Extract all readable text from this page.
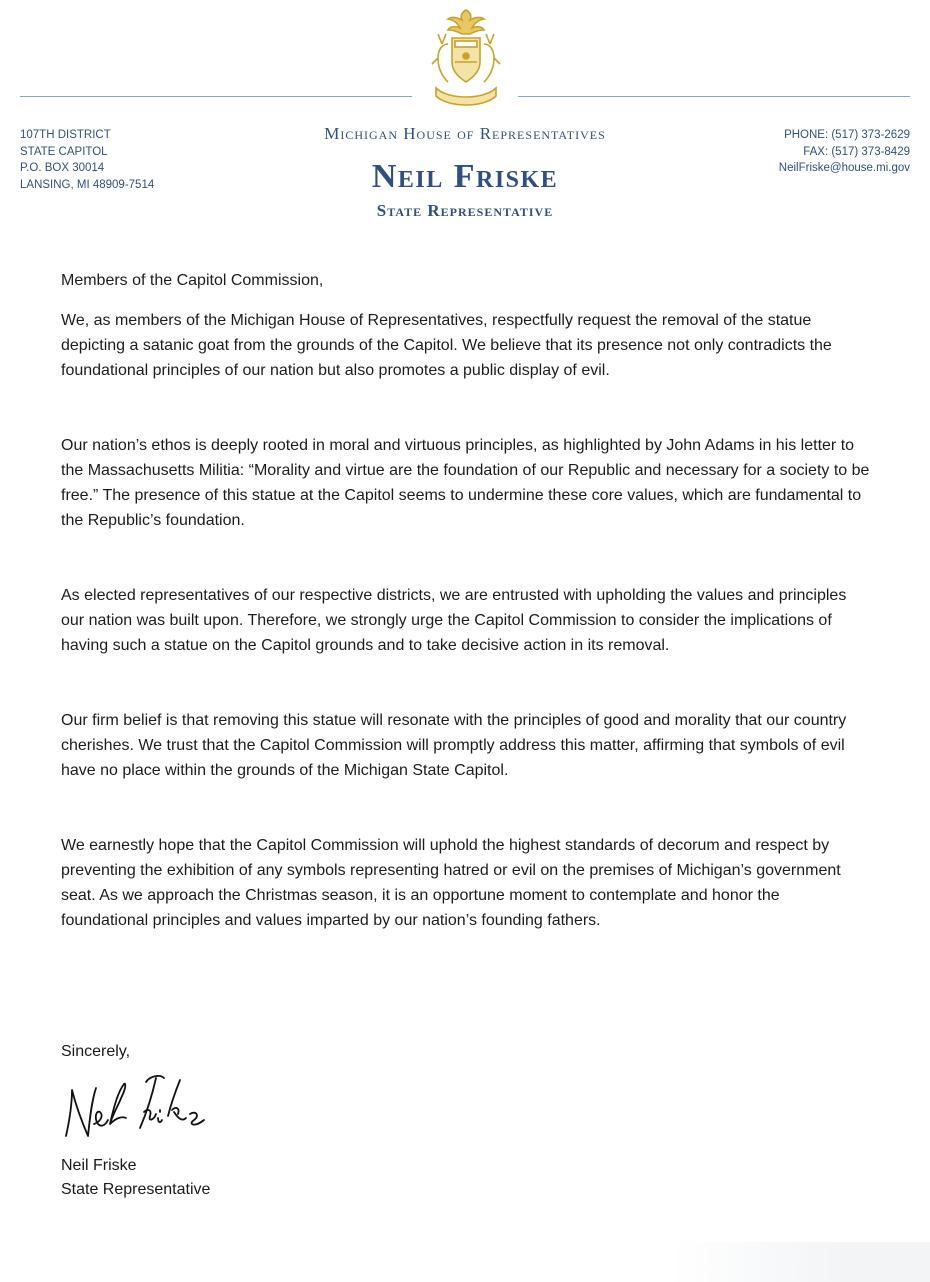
107TH DISTRICT
STATE CAPITOL
P.O. BOX 30014
LANSING, MI 48909-7514
Michigan House of Representatives
Neil Friske
State Representative
PHONE: (517) 373-2629
FAX: (517) 373-8429
NeilFriske@house.mi.gov

Members of the Capitol Commission,

We, as members of the Michigan House of Representatives, respectfully request the removal of the statue depicting a satanic goat from the grounds of the Capitol. We believe that its presence not only contradicts the foundational principles of our nation but also promotes a public display of evil.

Our nation’s ethos is deeply rooted in moral and virtuous principles, as highlighted by John Adams in his letter to the Massachusetts Militia: “Morality and virtue are the foundation of our Republic and necessary for a society to be free.” The presence of this statue at the Capitol seems to undermine these core values, which are fundamental to the Republic’s foundation.

As elected representatives of our respective districts, we are entrusted with upholding the values and principles our nation was built upon. Therefore, we strongly urge the Capitol Commission to consider the implications of having such a statue on the Capitol grounds and to take decisive action in its removal.

Our firm belief is that removing this statue will resonate with the principles of good and morality that our country cherishes. We trust that the Capitol Commission will promptly address this matter, affirming that symbols of evil have no place within the grounds of the Michigan State Capitol.

We earnestly hope that the Capitol Commission will uphold the highest standards of decorum and respect by preventing the exhibition of any symbols representing hatred or evil on the premises of Michigan’s government seat. As we approach the Christmas season, it is an opportune moment to contemplate and honor the foundational principles and values imparted by our nation’s founding fathers.

Sincerely,
Neil Friske
State Representative
